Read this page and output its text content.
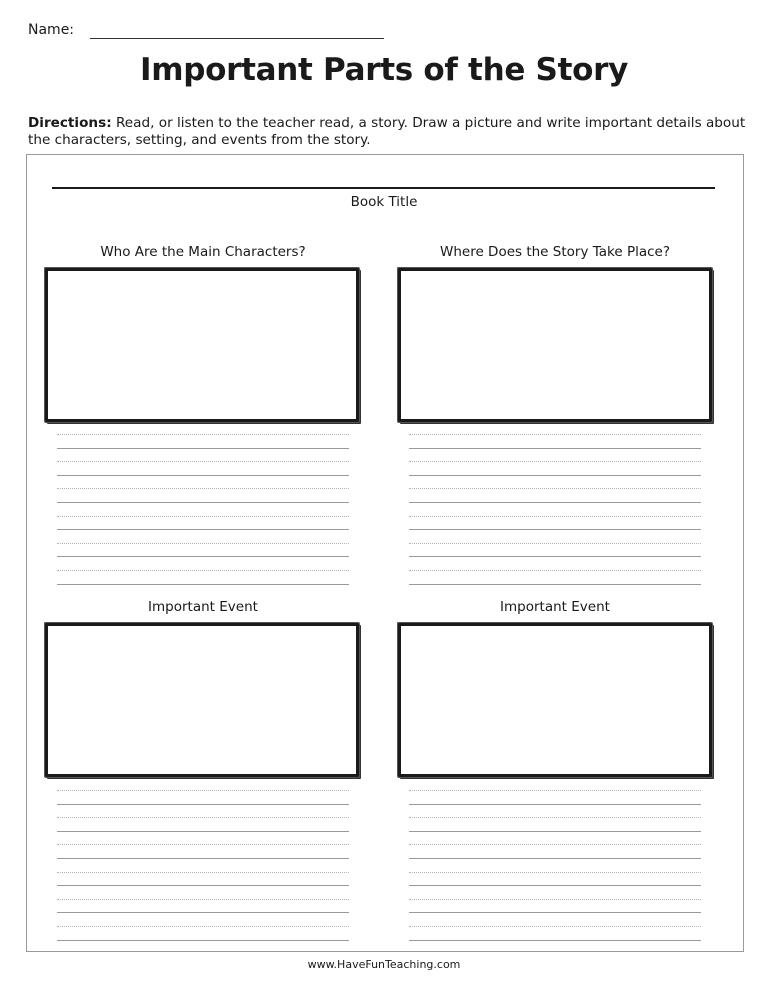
Name:
Important Parts of the Story
Directions: Read, or listen to the teacher read, a story. Draw a picture and write important details about the characters, setting, and events from the story.
Book Title
Who Are the Main Characters?	Where Does the Story Take Place?
Important Event	Important Event
www.HaveFunTeaching.com
